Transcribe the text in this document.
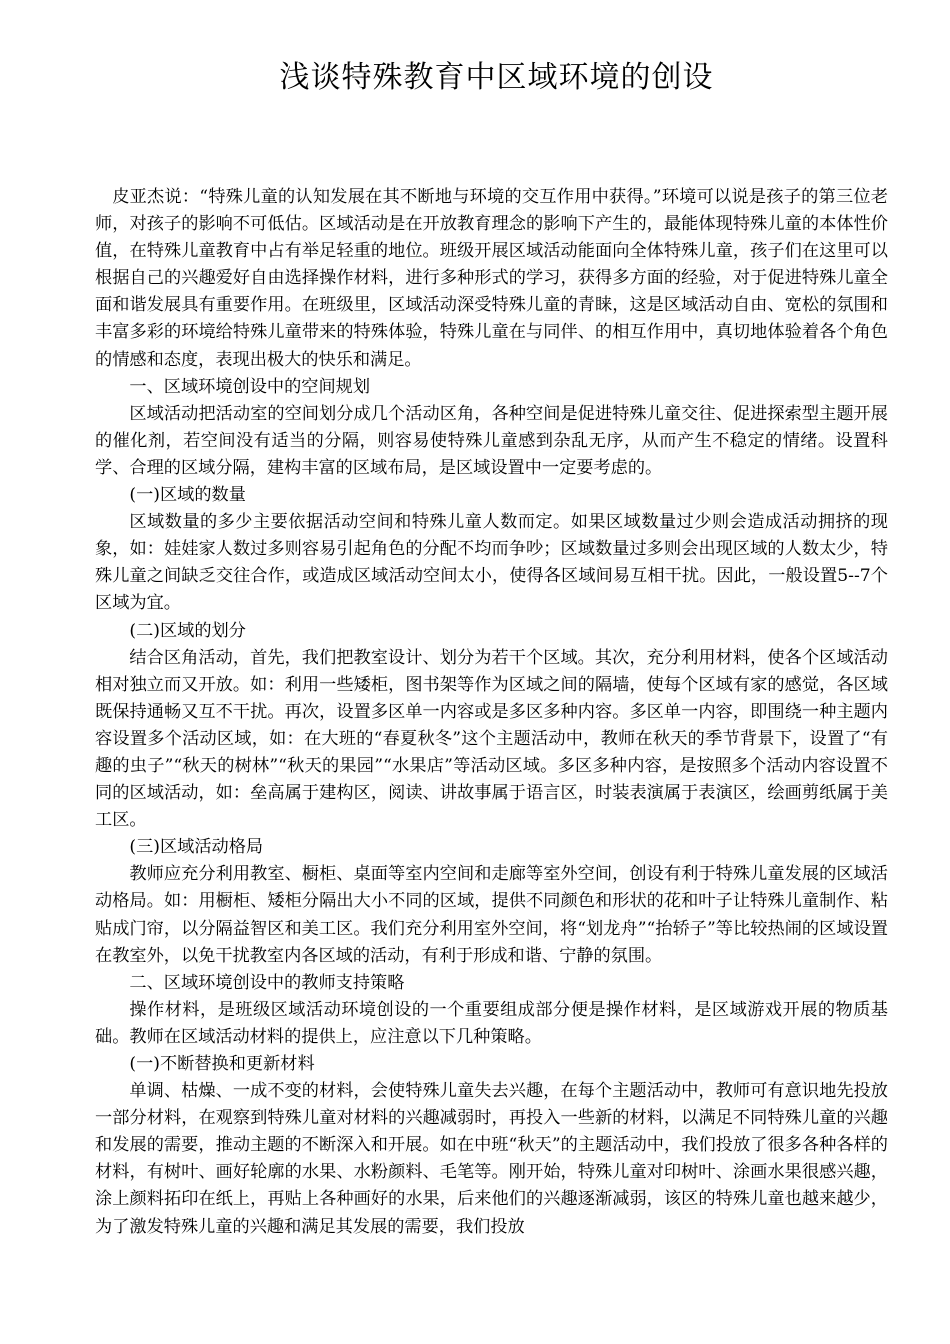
浅谈特殊教育中区域环境的创设

皮亚杰说：“特殊儿童的认知发展在其不断地与环境的交互作用中获得。”环境可以说是孩子的第三位老师，对孩子的影响不可低估。区域活动是在开放教育理念的影响下产生的，最能体现特殊儿童的本体性价值，在特殊儿童教育中占有举足轻重的地位。班级开展区域活动能面向全体特殊儿童，孩子们在这里可以根据自己的兴趣爱好自由选择操作材料，进行多种形式的学习，获得多方面的经验，对于促进特殊儿童全面和谐发展具有重要作用。在班级里，区域活动深受特殊儿童的青睐，这是区域活动自由、宽松的氛围和丰富多彩的环境给特殊儿童带来的特殊体验，特殊儿童在与同伴、的相互作用中，真切地体验着各个角色的情感和态度，表现出极大的快乐和满足。

一、区域环境创设中的空间规划

区域活动把活动室的空间划分成几个活动区角，各种空间是促进特殊儿童交往、促进探索型主题开展的催化剂，若空间没有适当的分隔，则容易使特殊儿童感到杂乱无序，从而产生不稳定的情绪。设置科学、合理的区域分隔，建构丰富的区域布局，是区域设置中一定要考虑的。

(一)区域的数量

区域数量的多少主要依据活动空间和特殊儿童人数而定。如果区域数量过少则会造成活动拥挤的现象，如：娃娃家人数过多则容易引起角色的分配不均而争吵；区域数量过多则会出现区域的人数太少，特殊儿童之间缺乏交往合作，或造成区域活动空间太小，使得各区域间易互相干扰。因此，一般设置5--7个区域为宜。

(二)区域的划分

结合区角活动，首先，我们把教室设计、划分为若干个区域。其次，充分利用材料，使各个区域活动相对独立而又开放。如：利用一些矮柜，图书架等作为区域之间的隔墙，使每个区域有家的感觉，各区域既保持通畅又互不干扰。再次，设置多区单一内容或是多区多种内容。多区单一内容，即围绕一种主题内容设置多个活动区域，如：在大班的“春夏秋冬”这个主题活动中，教师在秋天的季节背景下，设置了“有趣的虫子”“秋天的树林”“秋天的果园”“水果店”等活动区域。多区多种内容，是按照多个活动内容设置不同的区域活动，如：垒高属于建构区，阅读、讲故事属于语言区，时装表演属于表演区，绘画剪纸属于美工区。

(三)区域活动格局

教师应充分利用教室、橱柜、桌面等室内空间和走廊等室外空间，创设有利于特殊儿童发展的区域活动格局。如：用橱柜、矮柜分隔出大小不同的区域，提供不同颜色和形状的花和叶子让特殊儿童制作、粘贴成门帘，以分隔益智区和美工区。我们充分利用室外空间，将“划龙舟”“抬轿子”等比较热闹的区域设置在教室外，以免干扰教室内各区域的活动，有利于形成和谐、宁静的氛围。

二、区域环境创设中的教师支持策略

操作材料，是班级区域活动环境创设的一个重要组成部分便是操作材料，是区域游戏开展的物质基础。教师在区域活动材料的提供上，应注意以下几种策略。

(一)不断替换和更新材料

单调、枯燥、一成不变的材料，会使特殊儿童失去兴趣，在每个主题活动中，教师可有意识地先投放一部分材料，在观察到特殊儿童对材料的兴趣减弱时，再投入一些新的材料，以满足不同特殊儿童的兴趣和发展的需要，推动主题的不断深入和开展。如在中班“秋天”的主题活动中，我们投放了很多各种各样的材料，有树叶、画好轮廓的水果、水粉颜料、毛笔等。刚开始，特殊儿童对印树叶、涂画水果很感兴趣，涂上颜料拓印在纸上，再贴上各种画好的水果，后来他们的兴趣逐渐减弱，该区的特殊儿童也越来越少，为了激发特殊儿童的兴趣和满足其发展的需要，我们投放
